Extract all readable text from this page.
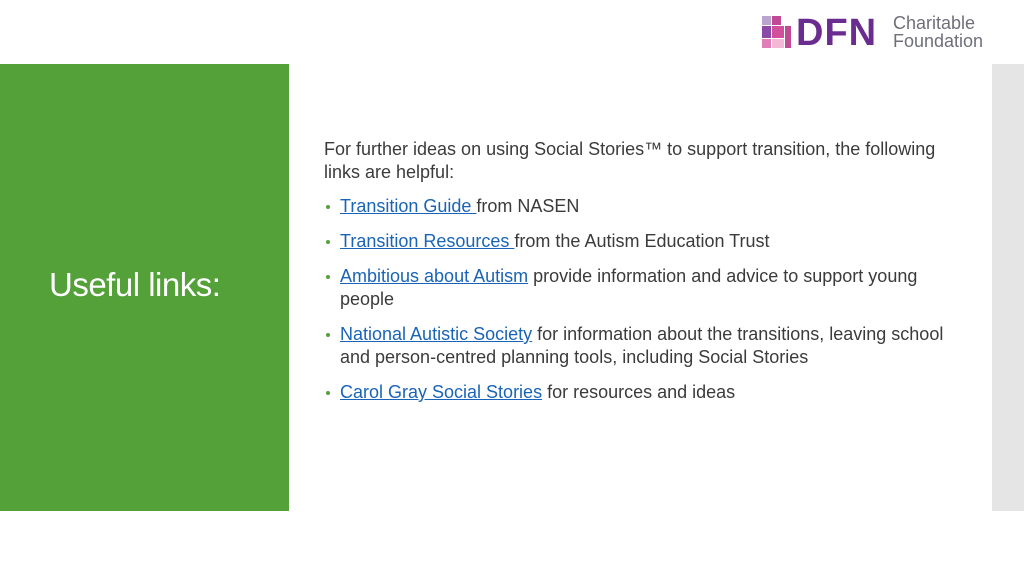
DFN Charitable
Foundation
Useful links:

For further ideas on using Social Stories™ to support transition, the following links are helpful:

Transition Guide from NASEN
Transition Resources from the Autism Education Trust
Ambitious about Autism provide information and advice to support young people
National Autistic Society for information about the transitions, leaving school and person-centred planning tools, including Social Stories
Carol Gray Social Stories for resources and ideas
